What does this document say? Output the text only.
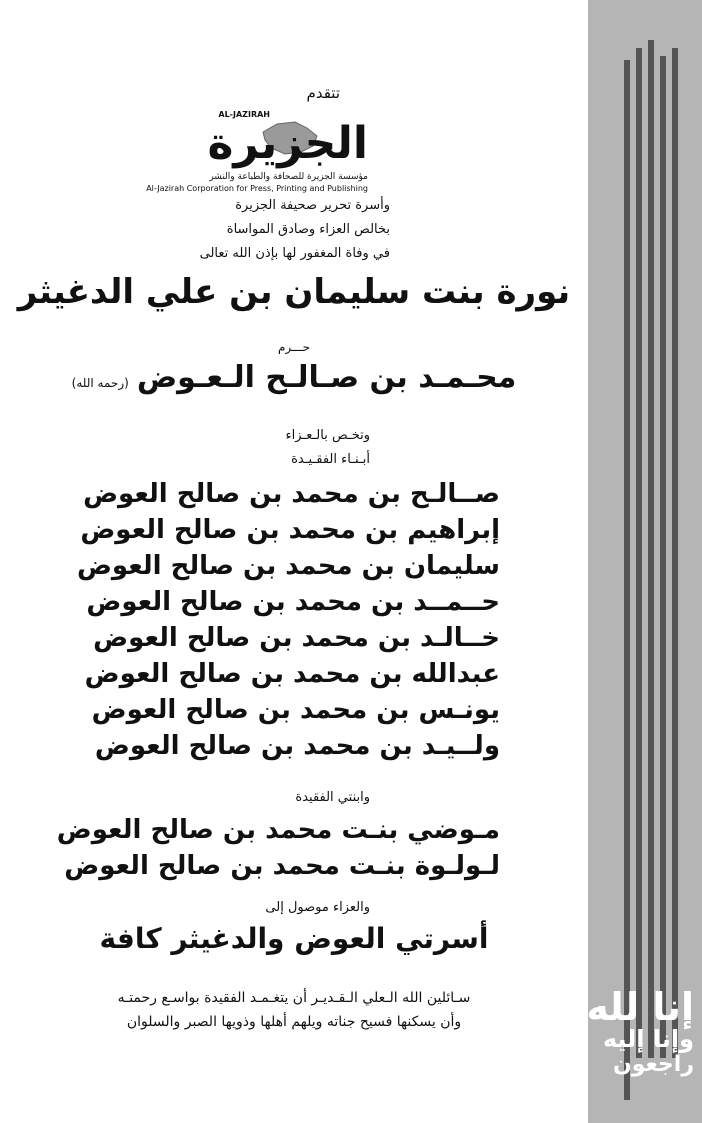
تتقدم
AL-JAZIRAH
الجزيرة
مؤسسة الجزيرة للصحافة والطباعة والنشر
Al-Jazirah Corporation for Press, Printing and Publishing
وأسرة تحرير صحيفة الجزيرة
بخالص العزاء وصادق المواساة
في وفاة المغفور لها بإذن الله تعالى
نورة بنت سليمان بن علي الدغيثر
حـــرم
محـمـد بن صـالـح الـعـوض(رحمه الله)
وتخـص بالـعـزاء
أبـنـاء الفقـيـدة
صــالـح بن محمد بن صالح العوض
إبراهيم بن محمد بن صالح العوض
سليمان بن محمد بن صالح العوض
حــمــد بن محمد بن صالح العوض
خــالـد بن محمد بن صالح العوض
عبدالله بن محمد بن صالح العوض
يونـس بن محمد بن صالح العوض
ولــيـد بن محمد بن صالح العوض
وابنتي الفقيدة
مـوضي بنـت محمد بن صالح العوض
لـولـوة بنـت محمد بن صالح العوض
والعزاء موصول إلى
أسرتي العوض والدغيثر كافة
سـائلين الله الـعلي الـقـديـر أن يتغـمـد الفقيدة بواسـع رحمتـه
وأن يسكنها فسيح جناته ويلهم أهلها وذويها الصبر والسلوان	إنا لله
وإنا إليه
راجعون
